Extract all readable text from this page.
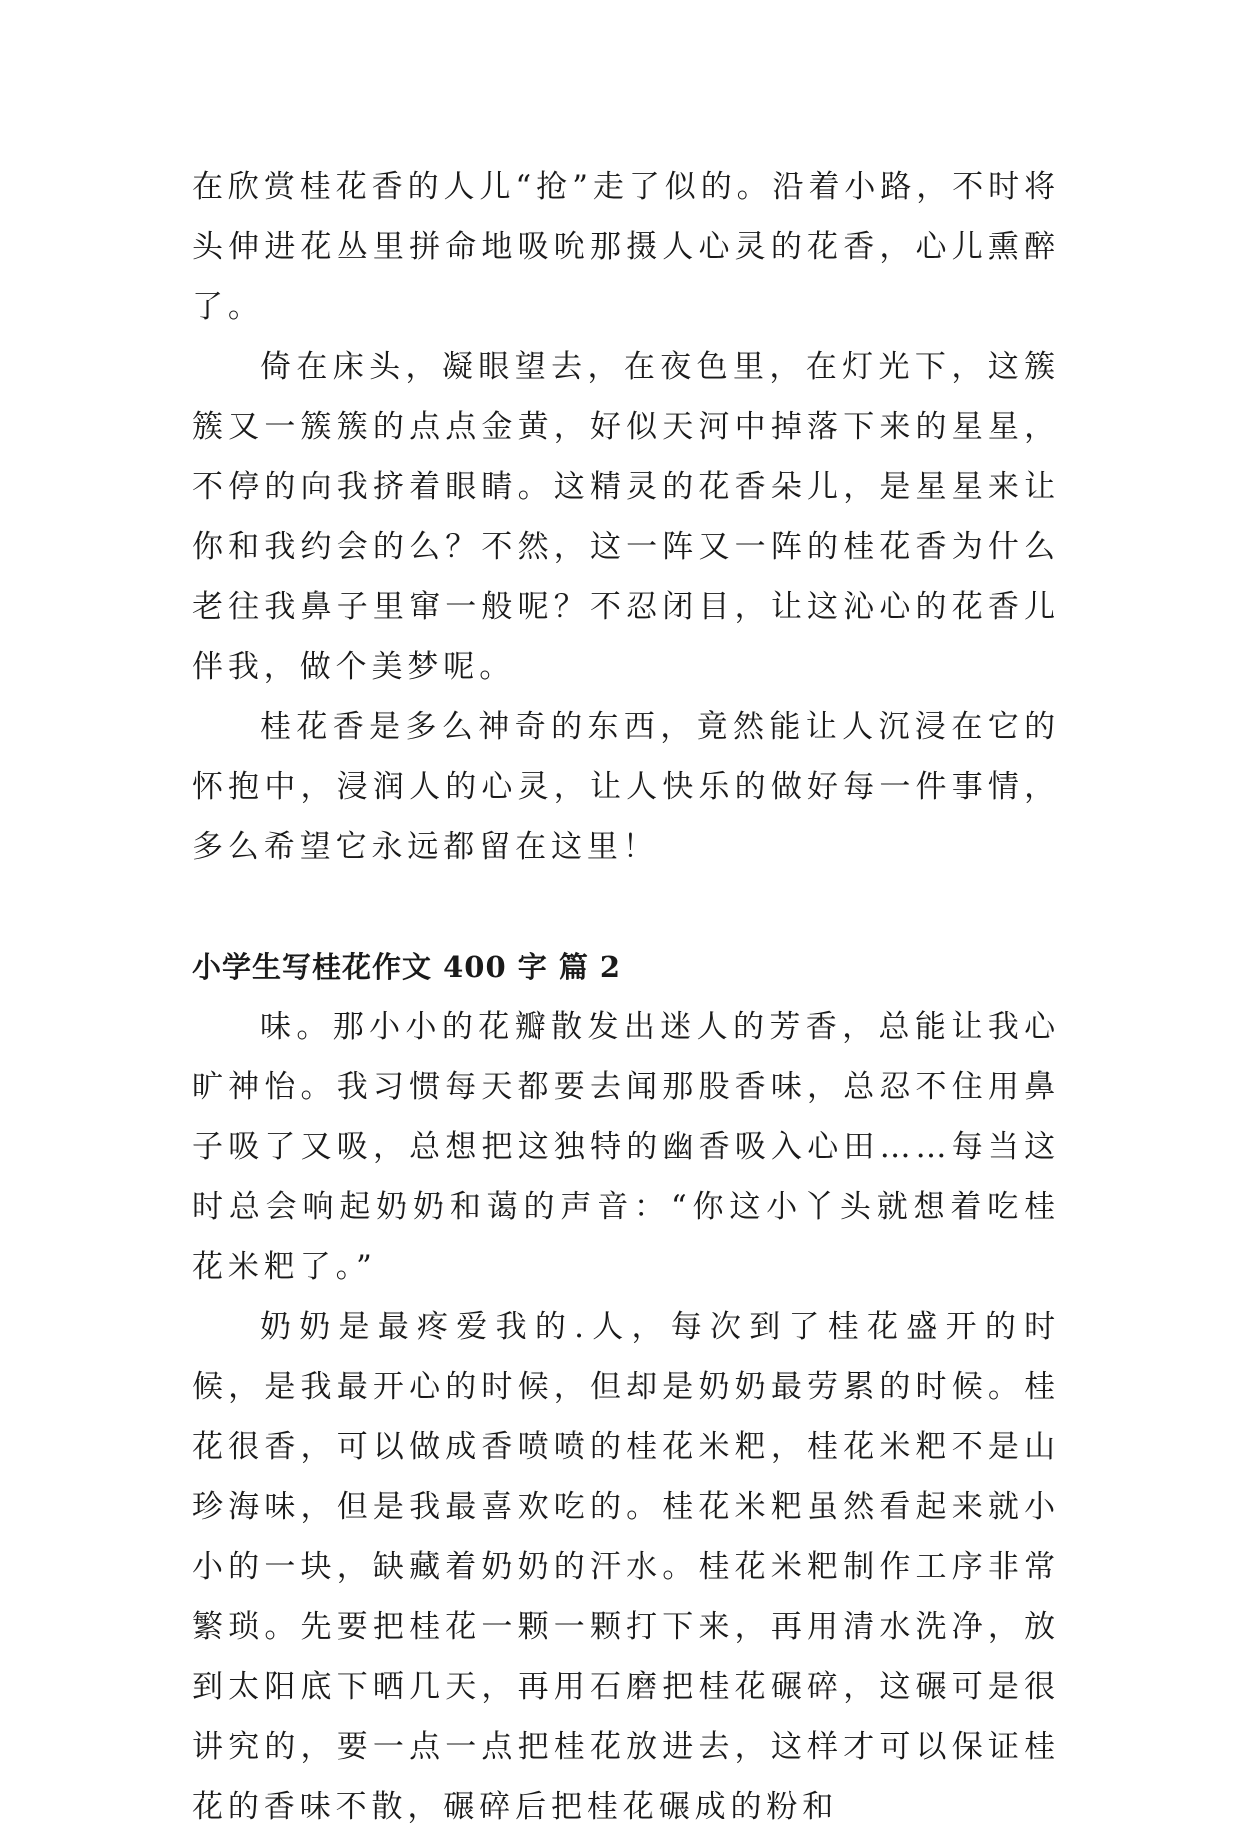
在欣赏桂花香的人儿“抢”走了似的。沿着小路，不时将头伸进花丛里拼命地吸吮那摄人心灵的花香，心儿熏醉了。

倚在床头，凝眼望去，在夜色里，在灯光下，这簇簇又一簇簇的点点金黄，好似天河中掉落下来的星星，不停的向我挤着眼睛。这精灵的花香朵儿，是星星来让你和我约会的么？不然，这一阵又一阵的桂花香为什么老往我鼻子里窜一般呢？不忍闭目，让这沁心的花香儿伴我，做个美梦呢。

桂花香是多么神奇的东西，竟然能让人沉浸在它的怀抱中，浸润人的心灵，让人快乐的做好每一件事情，多么希望它永远都留在这里！

小学生写桂花作文 400 字 篇 2

味。那小小的花瓣散发出迷人的芳香，总能让我心旷神怡。我习惯每天都要去闻那股香味，总忍不住用鼻子吸了又吸，总想把这独特的幽香吸入心田……每当这时总会响起奶奶和蔼的声音：“你这小丫头就想着吃桂花米粑了。”

奶奶是最疼爱我的.人，每次到了桂花盛开的时候，是我最开心的时候，但却是奶奶最劳累的时候。桂花很香，可以做成香喷喷的桂花米粑，桂花米粑不是山珍海味，但是我最喜欢吃的。桂花米粑虽然看起来就小小的一块，缺藏着奶奶的汗水。桂花米粑制作工序非常繁琐。先要把桂花一颗一颗打下来，再用清水洗净，放到太阳底下晒几天，再用石磨把桂花碾碎，这碾可是很讲究的，要一点一点把桂花放进去，这样才可以保证桂花的香味不散，碾碎后把桂花碾成的粉和
